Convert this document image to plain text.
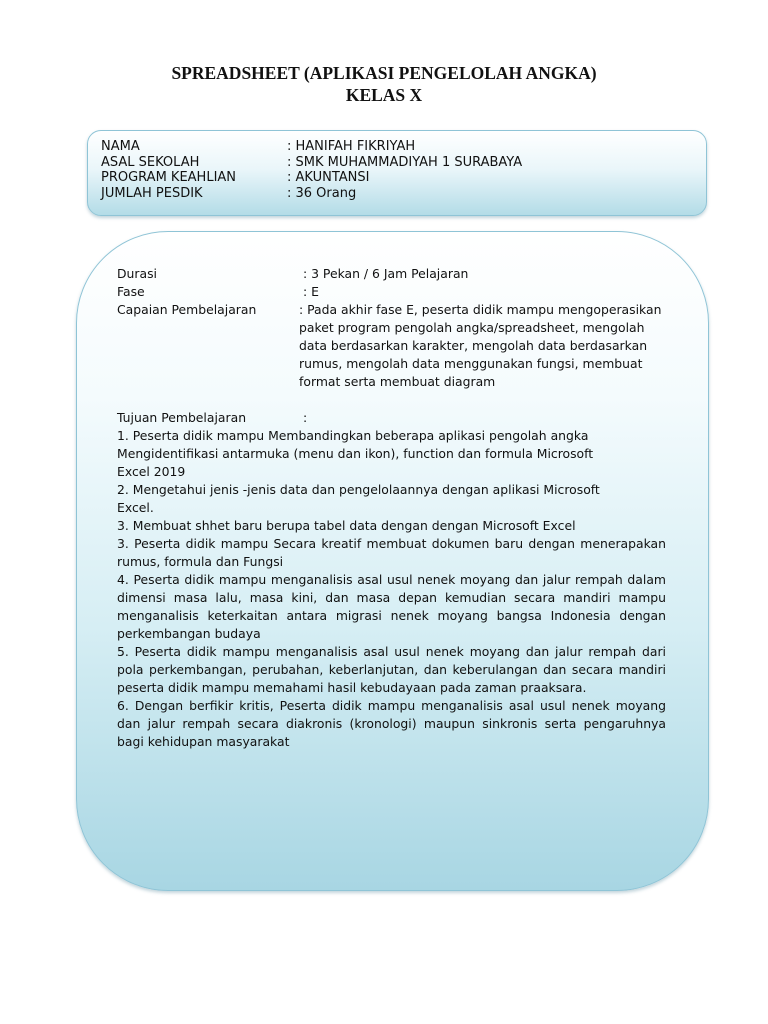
SPREADSHEET (APLIKASI PENGELOLAH ANGKA)
KELAS X
NAMA	: HANIFAH FIKRIYAH
ASAL SEKOLAH	: SMK MUHAMMADIYAH 1 SURABAYA
PROGRAM KEAHLIAN	: AKUNTANSI
JUMLAH PESDIK	: 36 Orang
Durasi	: 3 Pekan / 6 Jam Pelajaran
Fase	: E
Capaian Pembelajaran	: Pada akhir fase E, peserta didik mampu mengoperasikan
paket program pengolah angka/spreadsheet, mengolah
data berdasarkan karakter, mengolah data berdasarkan
rumus, mengolah data menggunakan fungsi, membuat
format serta membuat diagram
Tujuan Pembelajaran	:
1. Peserta didik mampu Membandingkan beberapa aplikasi pengolah angka
Mengidentifikasi antarmuka (menu dan ikon), function dan formula Microsoft
Excel 2019
2. Mengetahui jenis -jenis data dan pengelolaannya dengan aplikasi Microsoft
Excel.
3. Membuat shhet baru berupa tabel data dengan dengan Microsoft Excel
3. Peserta didik mampu Secara kreatif membuat dokumen baru dengan menerapakan rumus, formula dan Fungsi
4. Peserta didik mampu menganalisis asal usul nenek moyang dan jalur rempah dalam dimensi masa lalu, masa kini, dan masa depan kemudian secara mandiri mampu menganalisis keterkaitan antara migrasi nenek moyang bangsa Indonesia dengan perkembangan budaya
5. Peserta didik mampu menganalisis asal usul nenek moyang dan jalur rempah dari pola perkembangan, perubahan, keberlanjutan, dan keberulangan dan secara mandiri peserta didik mampu memahami hasil kebudayaan pada zaman praaksara.
6. Dengan berfikir kritis, Peserta didik mampu menganalisis asal usul nenek moyang dan jalur rempah secara diakronis (kronologi) maupun sinkronis serta pengaruhnya bagi kehidupan masyarakat
